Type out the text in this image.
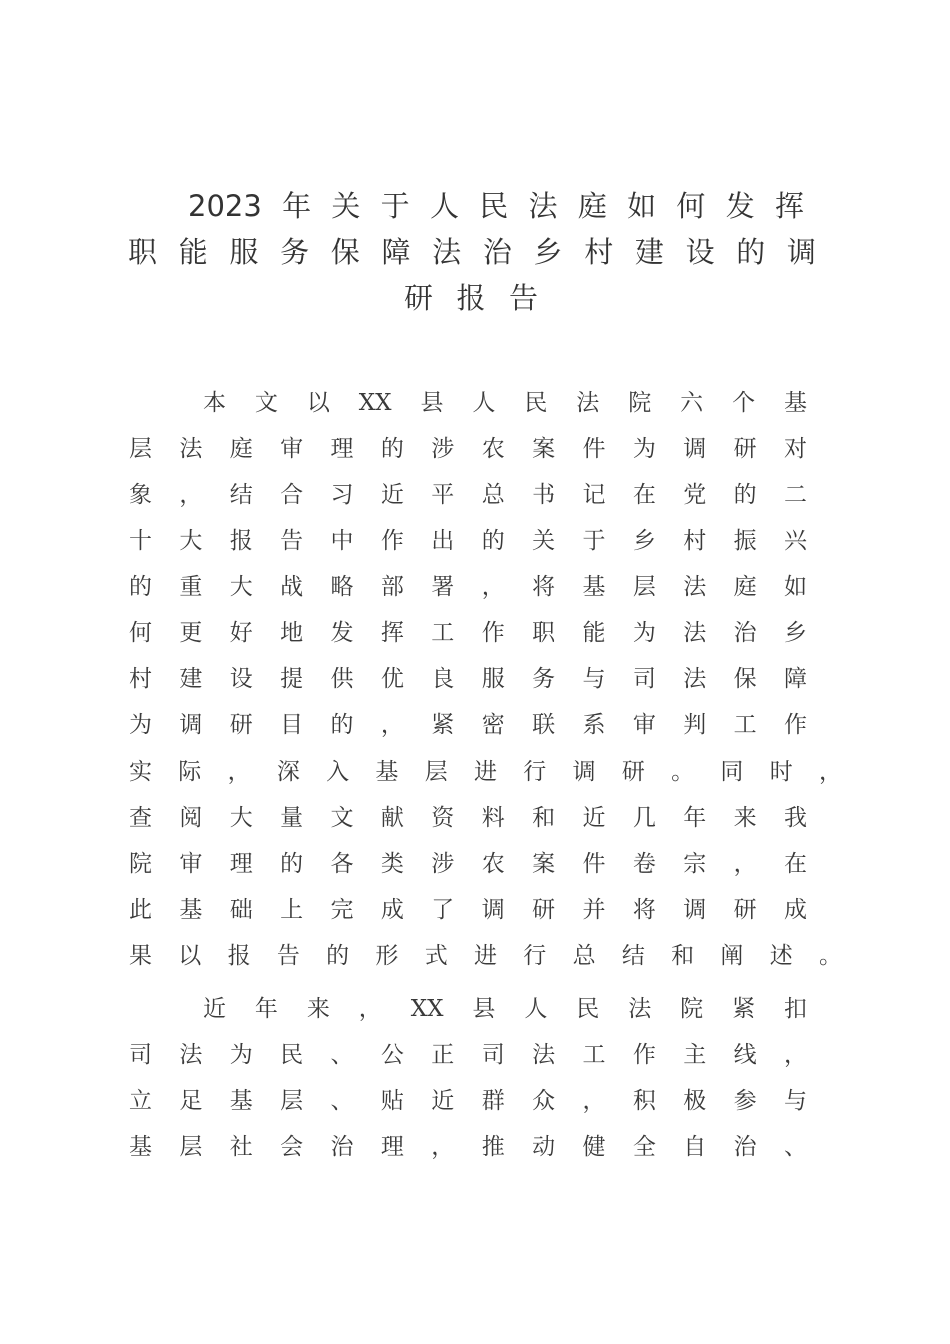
2023年关于人民法庭如何发挥
职能服务保障法治乡村建设的调
研报告
本文以XX县人民法院六个基
层法庭审理的涉农案件为调研对
象，结合习近平总书记在党的二
十大报告中作出的关于乡村振兴
的重大战略部署，将基层法庭如
何更好地发挥工作职能为法治乡
村建设提供优良服务与司法保障
为调研目的，紧密联系审判工作
实际，深入基层进行调研。同时，
查阅大量文献资料和近几年来我
院审理的各类涉农案件卷宗，在
此基础上完成了调研并将调研成
果以报告的形式进行总结和阐述。
近年来，XX县人民法院紧扣
司法为民、公正司法工作主线，
立足基层、贴近群众，积极参与
基层社会治理，推动健全自治、
